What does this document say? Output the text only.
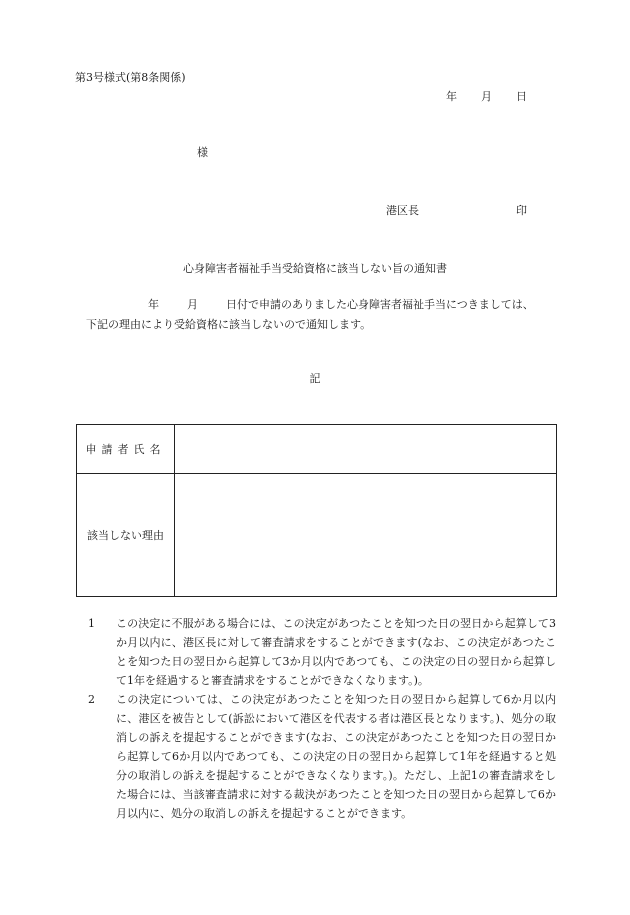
第3号様式(第8条関係)
年 月 日
様
港区長	印
心身障害者福祉手当受給資格に該当しない旨の通知書
年	月	日付で申請のありました心身障害者福祉手当につきましては、
下記の理由により受給資格に該当しないので通知します。
記
申請者氏名	
該当しない理由	
1	この決定に不服がある場合には、この決定があつたことを知つた日の翌日から起算して3か月以内に、港区長に対して審査請求をすることができます(なお、この決定があつたことを知つた日の翌日から起算して3か月以内であつても、この決定の日の翌日から起算して1年を経過すると審査請求をすることができなくなります。)。
2	この決定については、この決定があつたことを知つた日の翌日から起算して6か月以内に、港区を被告として(訴訟において港区を代表する者は港区長となります。)、処分の取消しの訴えを提起することができます(なお、この決定があつたことを知つた日の翌日から起算して6か月以内であつても、この決定の日の翌日から起算して1年を経過すると処分の取消しの訴えを提起することができなくなります。)。ただし、上記1の審査請求をした場合には、当該審査請求に対する裁決があつたことを知つた日の翌日から起算して6か月以内に、処分の取消しの訴えを提起することができます。
